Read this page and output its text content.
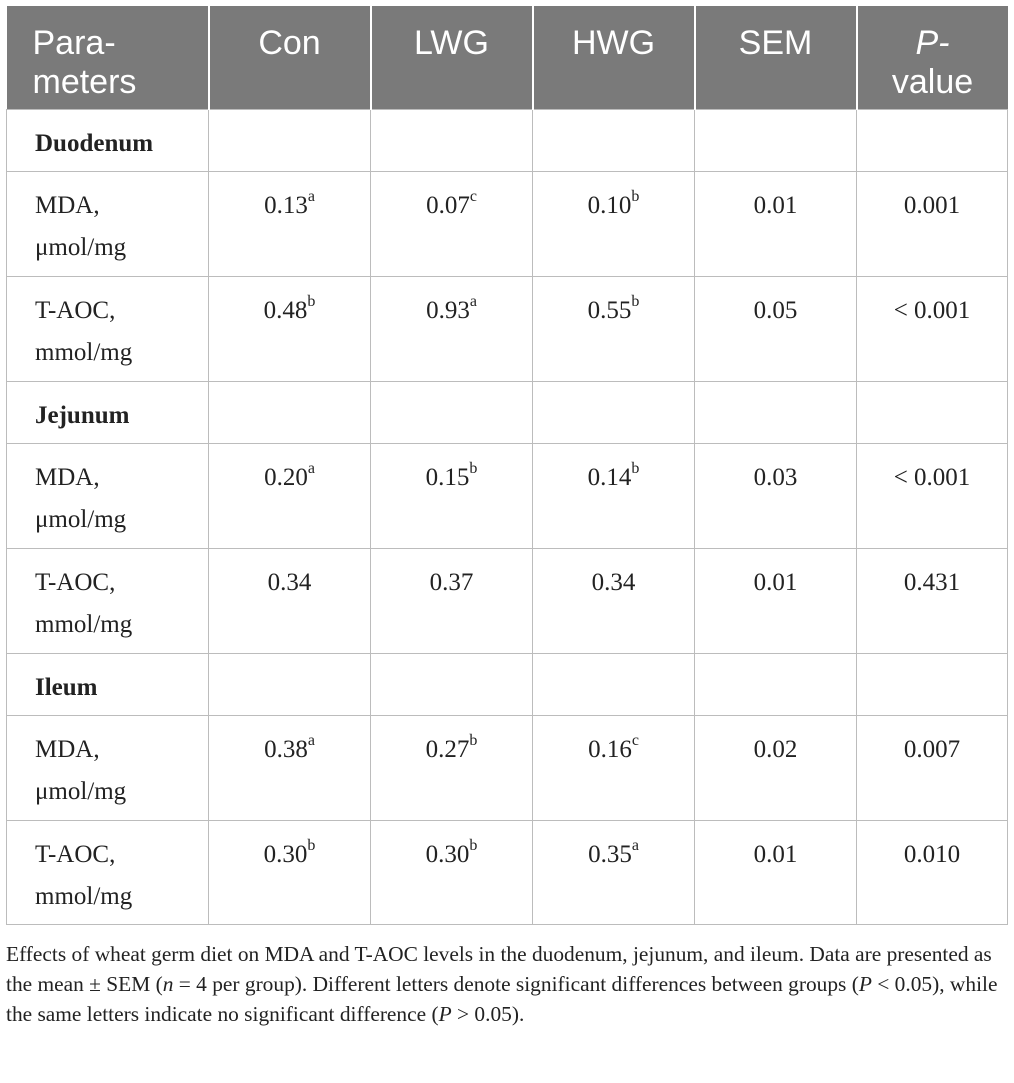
Para-
meters	Con	LWG	HWG	SEM	P-
value
Duodenum					
MDA,
μmol/mg	0.13$^a$	0.07$^c$	0.10$^b$	0.01	0.001
T-AOC,
mmol/mg	0.48$^b$	0.93$^a$	0.55$^b$	0.05	< 0.001
Jejunum					
MDA,
μmol/mg	0.20$^a$	0.15$^b$	0.14$^b$	0.03	< 0.001
T-AOC,
mmol/mg	0.34	0.37	0.34	0.01	0.431
Ileum					
MDA,
μmol/mg	0.38$^a$	0.27$^b$	0.16$^c$	0.02	0.007
T-AOC,
mmol/mg	0.30$^b$	0.30$^b$	0.35$^a$	0.01	0.010

Effects of wheat germ diet on MDA and T-AOC levels in the duodenum, jejunum, and ileum. Data are presented as the mean ± SEM (n = 4 per group). Different letters denote significant differences between groups (P < 0.05), while the same letters indicate no significant difference (P > 0.05).
